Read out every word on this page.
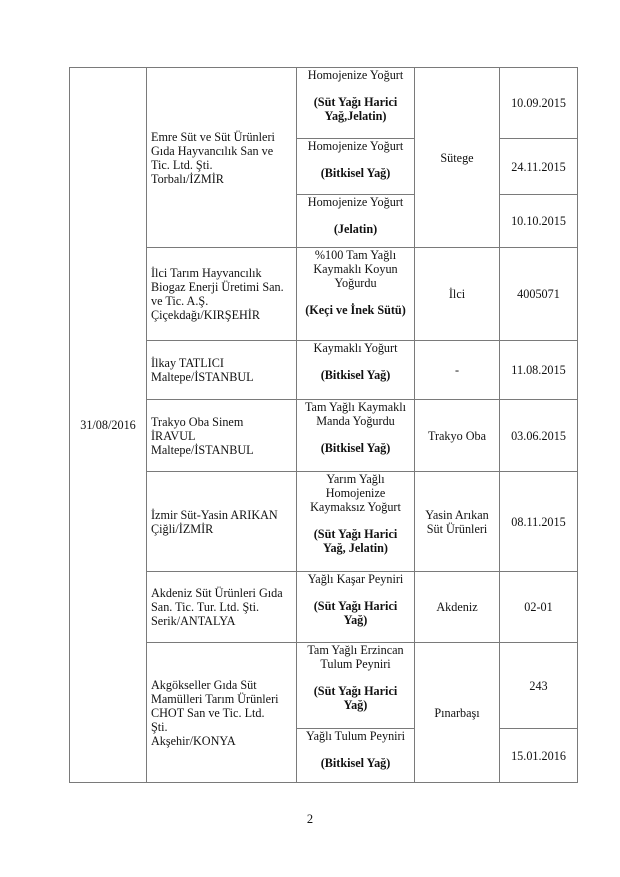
31/08/2016	Emre Süt ve Süt Ürünleri
Gıda Hayvancılık San ve
Tic. Ltd. Şti.
Torbalı/İZMİR	Homojenize Yoğurt
(Süt Yağı Harici
Yağ,Jelatin)	Sütege	10.09.2015

		Homojenize Yoğurt
(Bitkisel Yağ)		24.11.2015

		Homojenize Yoğurt
(Jelatin)		10.10.2015

	İlci Tarım Hayvancılık
Biogaz Enerji Üretimi San.
ve Tic. A.Ş.
Çiçekdağı/KIRŞEHİR	%100 Tam Yağlı
Kaymaklı Koyun
Yoğurdu
(Keçi ve İnek Sütü)	İlci	4005071

	İlkay TATLICI
Maltepe/İSTANBUL	Kaymaklı Yoğurt
(Bitkisel Yağ)	-	11.08.2015

	Trakyo Oba Sinem
İRAVUL
Maltepe/İSTANBUL	Tam Yağlı Kaymaklı
Manda Yoğurdu
(Bitkisel Yağ)	Trakyo Oba	03.06.2015

	İzmir Süt-Yasin ARIKAN
Çiğli/İZMİR	Yarım Yağlı
Homojenize
Kaymaksız Yoğurt
(Süt Yağı Harici
Yağ, Jelatin)	Yasin Arıkan
Süt Ürünleri	08.11.2015

	Akdeniz Süt Ürünleri Gıda
San. Tic. Tur. Ltd. Şti.
Serik/ANTALYA	Yağlı Kaşar Peyniri
(Süt Yağı Harici
Yağ)	Akdeniz	02-01

	Akgökseller Gıda Süt
Mamülleri Tarım Ürünleri
CHOT San ve Tic. Ltd.
Şti.
Akşehir/KONYA	Tam Yağlı Erzincan
Tulum Peyniri
(Süt Yağı Harici
Yağ)	Pınarbaşı	243

		Yağlı Tulum Peyniri
(Bitkisel Yağ)		15.01.2016
2
